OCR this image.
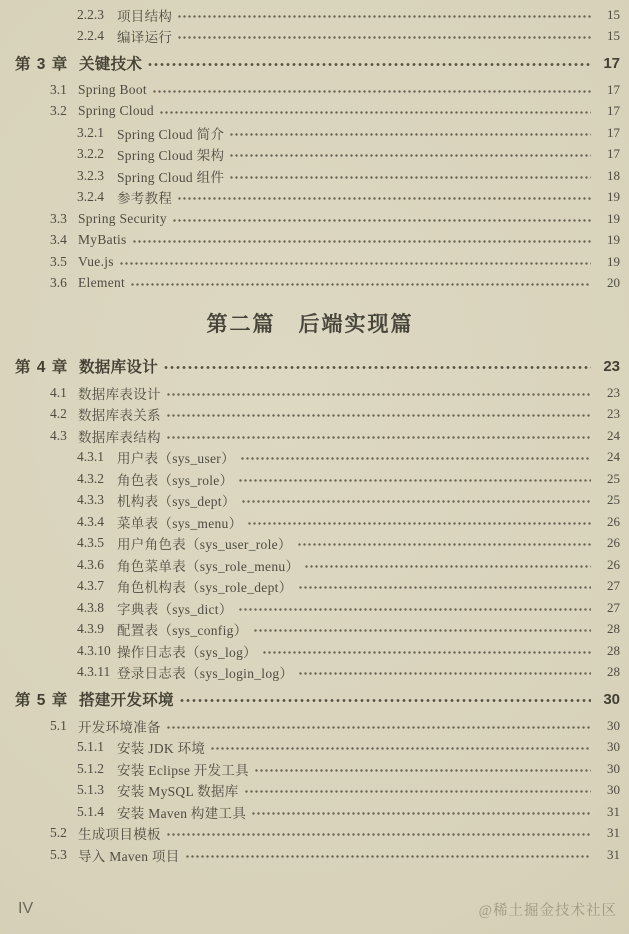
2.2.3 项目结构	15
2.2.4 编译运行	15
第 3 章 关键技术	17
3.1 Spring Boot	17
3.2 Spring Cloud	17
3.2.1 Spring Cloud 简介	17
3.2.2 Spring Cloud 架构	17
3.2.3 Spring Cloud 组件	18
3.2.4 参考教程	19
3.3 Spring Security	19
3.4 MyBatis	19
3.5 Vue.js	19
3.6 Element	20
第二篇　后端实现篇
第 4 章 数据库设计	23
4.1 数据库表设计	23
4.2 数据库表关系	23
4.3 数据库表结构	24
4.3.1 用户表（sys_user）	24
4.3.2 角色表（sys_role）	25
4.3.3 机构表（sys_dept）	25
4.3.4 菜单表（sys_menu）	26
4.3.5 用户角色表（sys_user_role）	26
4.3.6 角色菜单表（sys_role_menu）	26
4.3.7 角色机构表（sys_role_dept）	27
4.3.8 字典表（sys_dict）	27
4.3.9 配置表（sys_config）	28
4.3.10 操作日志表（sys_log）	28
4.3.11 登录日志表（sys_login_log）	28
第 5 章 搭建开发环境	30
5.1 开发环境准备	30
5.1.1 安装 JDK 环境	30
5.1.2 安装 Eclipse 开发工具	30
5.1.3 安装 MySQL 数据库	30
5.1.4 安装 Maven 构建工具	31
5.2 生成项目模板	31
5.3 导入 Maven 项目	31
IV	@稀土掘金技术社区
